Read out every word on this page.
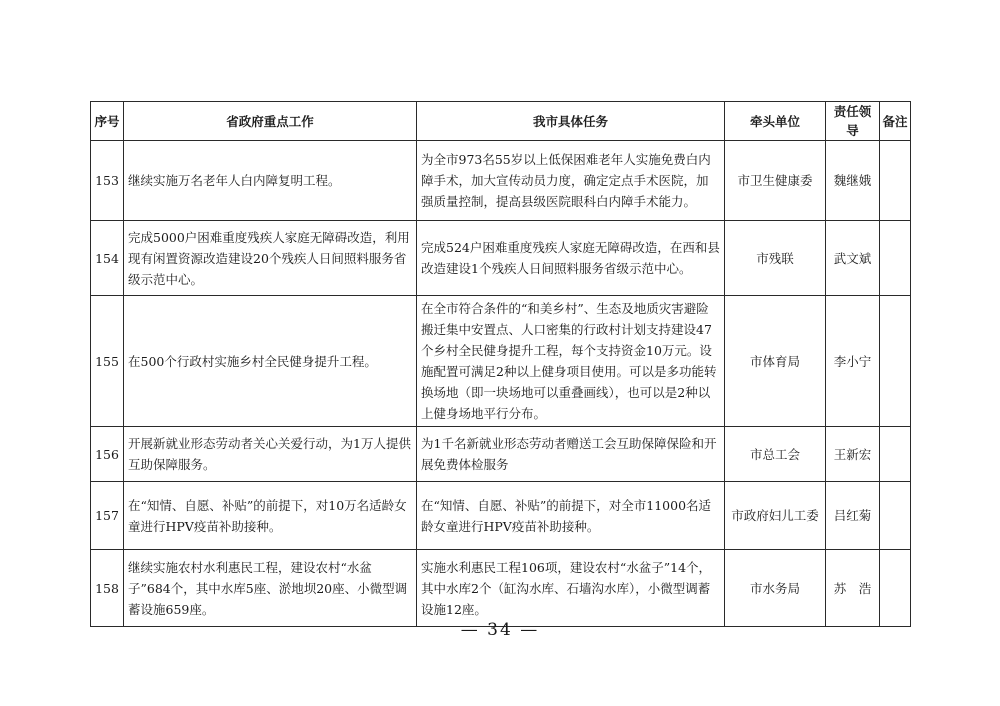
序号	省政府重点工作	我市具体任务	牵头单位	责任领导	备注
153	继续实施万名老年人白内障复明工程。	为全市973名55岁以上低保困难老年人实施免费白内障手术，加大宣传动员力度，确定定点手术医院，加强质量控制，提高县级医院眼科白内障手术能力。	市卫生健康委	魏继娥	
154	完成5000户困难重度残疾人家庭无障碍改造，利用现有闲置资源改造建设20个残疾人日间照料服务省级示范中心。	完成524户困难重度残疾人家庭无障碍改造，在西和县改造建设1个残疾人日间照料服务省级示范中心。	市残联	武文斌	
155	在500个行政村实施乡村全民健身提升工程。	在全市符合条件的“和美乡村”、生态及地质灾害避险搬迁集中安置点、人口密集的行政村计划支持建设47个乡村全民健身提升工程，每个支持资金10万元。设施配置可满足2种以上健身项目使用。可以是多功能转换场地（即一块场地可以重叠画线），也可以是2种以上健身场地平行分布。	市体育局	李小宁	
156	开展新就业形态劳动者关心关爱行动，为1万人提供互助保障服务。	为1千名新就业形态劳动者赠送工会互助保障保险和开展免费体检服务	市总工会	王新宏	
157	在“知情、自愿、补贴”的前提下，对10万名适龄女童进行HPV疫苗补助接种。	在“知情、自愿、补贴”的前提下，对全市11000名适龄女童进行HPV疫苗补助接种。	市政府妇儿工委	吕红菊	
158	继续实施农村水利惠民工程，建设农村“水盆子”684个，其中水库5座、淤地坝20座、小微型调蓄设施659座。	实施水利惠民工程106项，建设农村“水盆子”14个，其中水库2个（缸沟水库、石墙沟水库），小微型调蓄设施12座。	市水务局	苏　浩	
— 34 —
